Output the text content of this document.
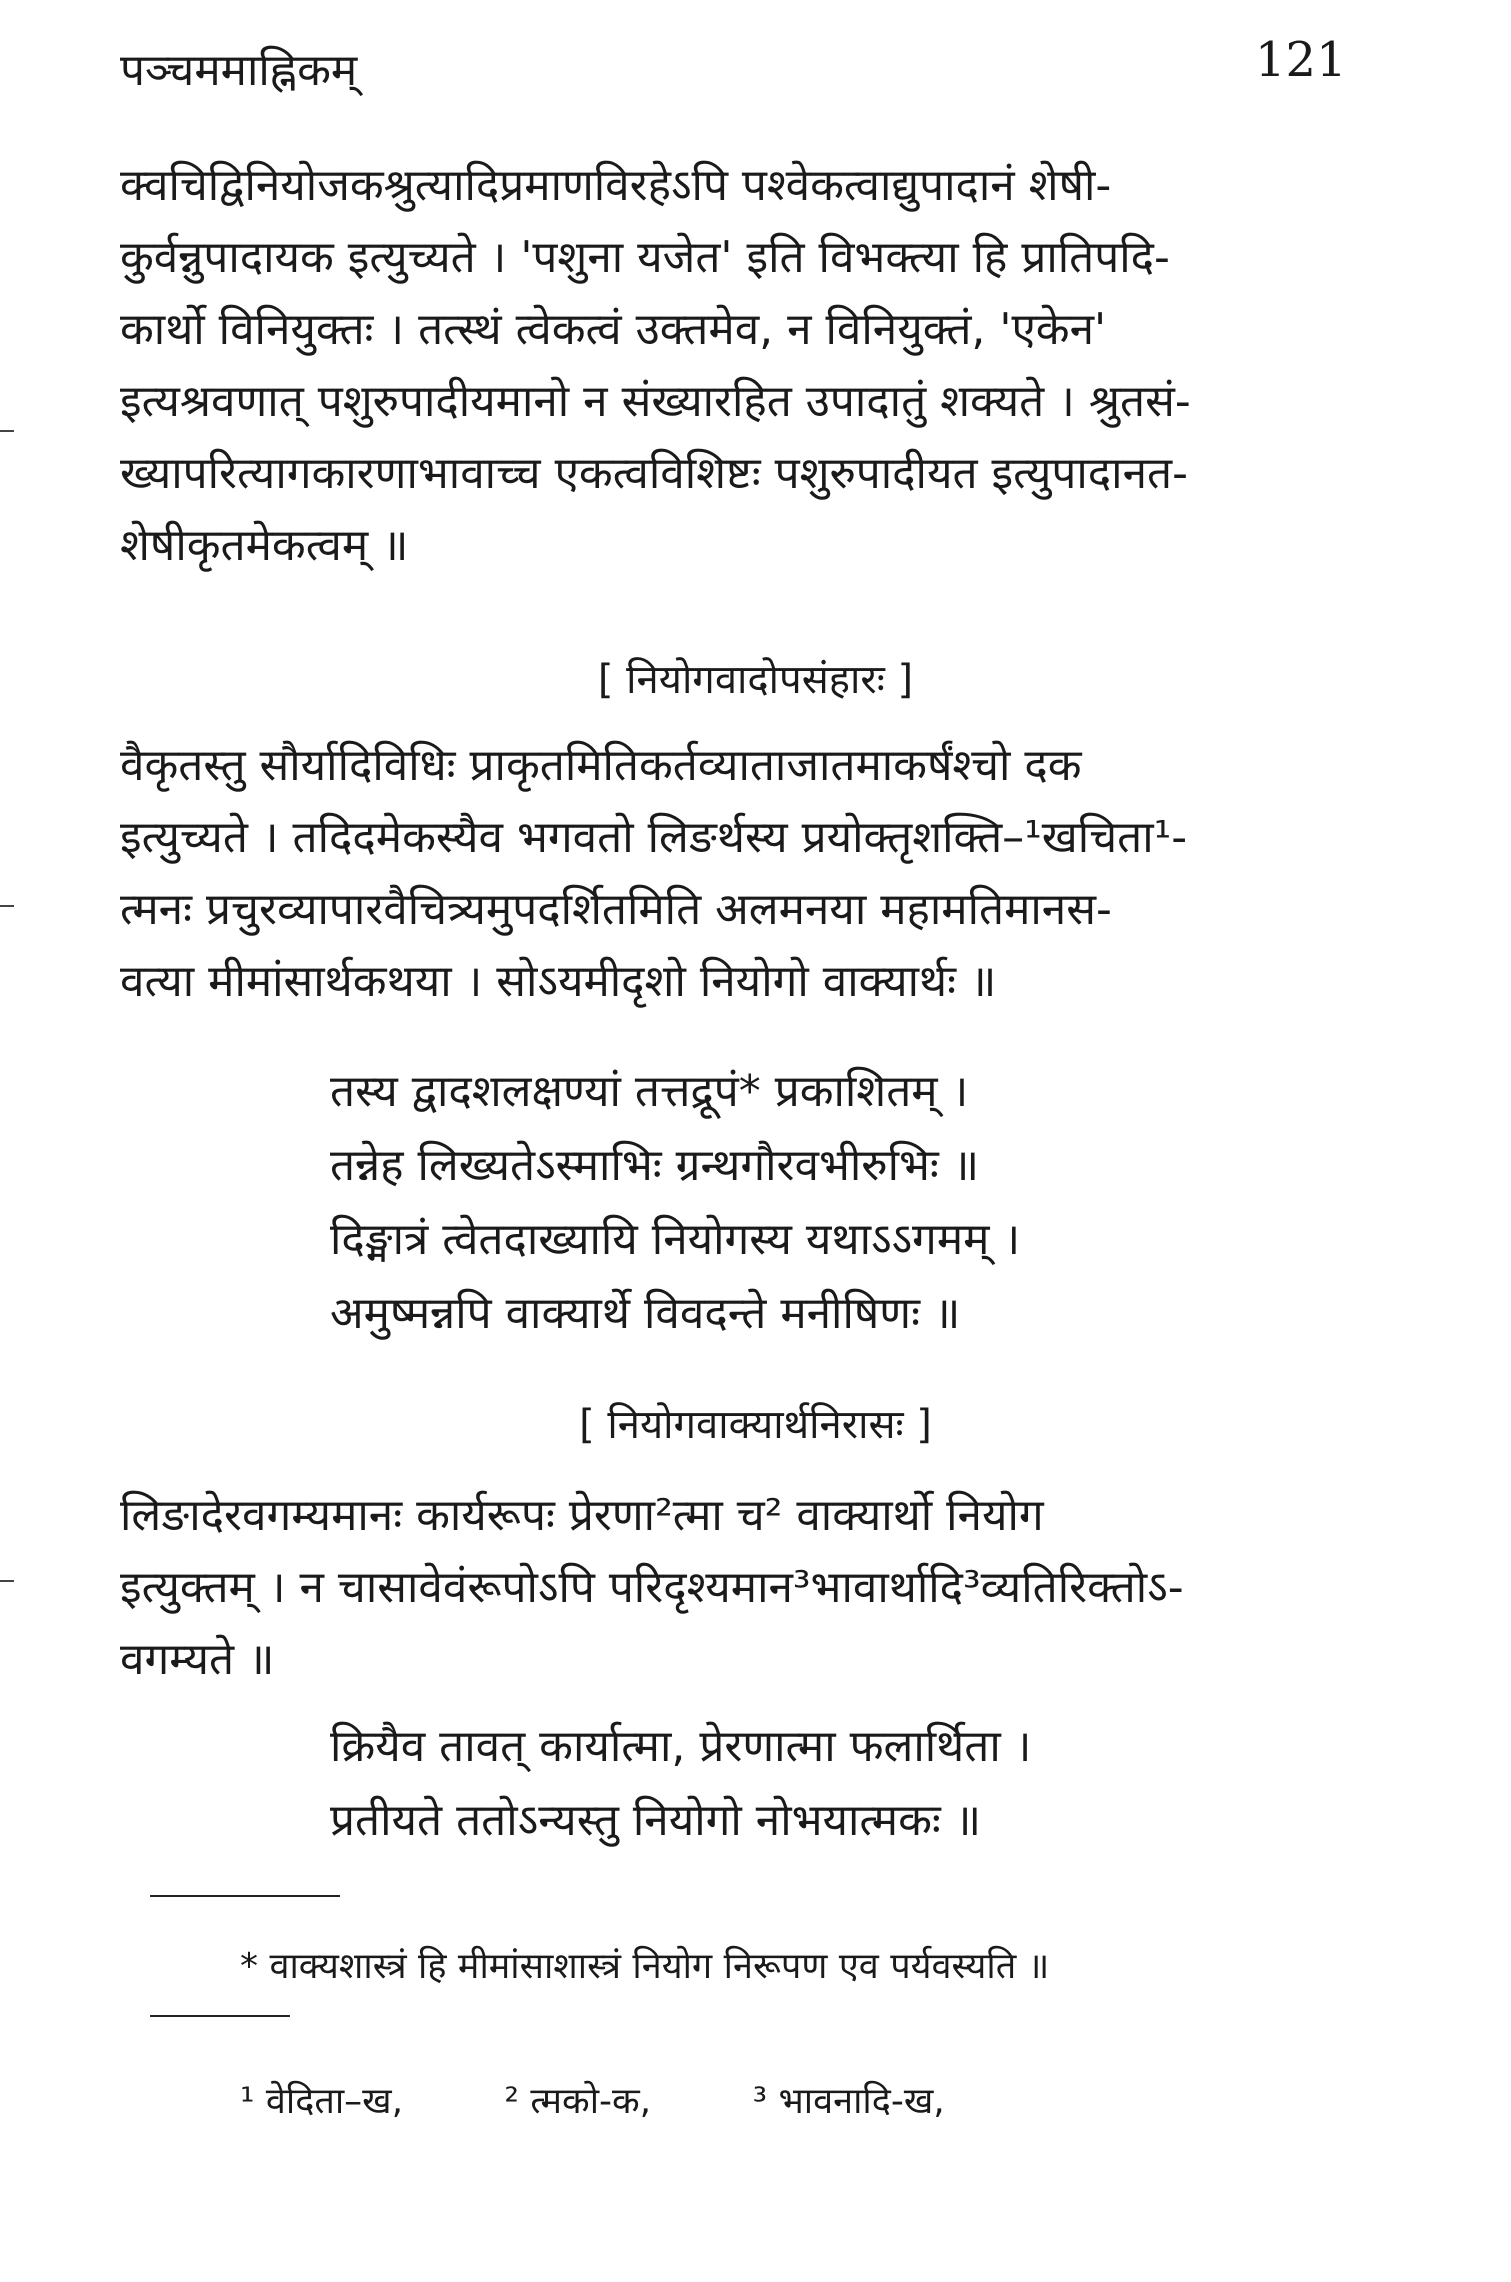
पञ्चममाह्निकम्	121
क्वचिद्विनियोजकश्रुत्यादिप्रमाणविरहेऽपि पश्वेकत्वाद्युपादानं शेषी-
कुर्वन्नुपादायक इत्युच्यते । 'पशुना यजेत' इति विभक्त्या हि प्रातिपदि-
कार्थो विनियुक्तः । तत्स्थं त्वेकत्वं उक्तमेव, न विनियुक्तं, 'एकेन'
इत्यश्रवणात् पशुरुपादीयमानो न संख्यारहित उपादातुं शक्यते । श्रुतसं-
ख्यापरित्यागकारणाभावाच्च एकत्वविशिष्टः पशुरुपादीयत इत्युपादानत-
शेषीकृतमेकत्वम् ॥
[ नियोगवादोपसंहारः ]
वैकृतस्तु सौर्यादिविधिः प्राकृतमितिकर्तव्याताजातमाकर्षंश्चो दक
इत्युच्यते । तदिदमेकस्यैव भगवतो लिङर्थस्य प्रयोक्तृशक्ति–¹खचिता¹-
त्मनः प्रचुरव्यापारवैचित्र्यमुपदर्शितमिति अलमनया महामतिमानस-
वत्या मीमांसार्थकथया । सोऽयमीदृशो नियोगो वाक्यार्थः ॥
तस्य द्वादशलक्षण्यां तत्तद्रूपं* प्रकाशितम् ।
तन्नेह लिख्यतेऽस्माभिः ग्रन्थगौरवभीरुभिः ॥
दिङ्मात्रं त्वेतदाख्यायि नियोगस्य यथाऽऽगमम् ।
अमुष्मन्नपि वाक्यार्थे विवदन्ते मनीषिणः ॥
[ नियोगवाक्यार्थनिरासः ]
लिङादेरवगम्यमानः कार्यरूपः प्रेरणा²त्मा च² वाक्यार्थो नियोग
इत्युक्तम् । न चासावेवंरूपोऽपि परिदृश्यमान³भावार्थादि³व्यतिरिक्तोऽ-
वगम्यते ॥
क्रियैव तावत् कार्यात्मा, प्रेरणात्मा फलार्थिता ।
प्रतीयते ततोऽन्यस्तु नियोगो नोभयात्मकः ॥
* वाक्यशास्त्रं हि मीमांसाशास्त्रं नियोग निरूपण एव पर्यवस्यति ॥
¹ वेदिता–ख,	² त्मको-क,	³ भावनादि-ख,
